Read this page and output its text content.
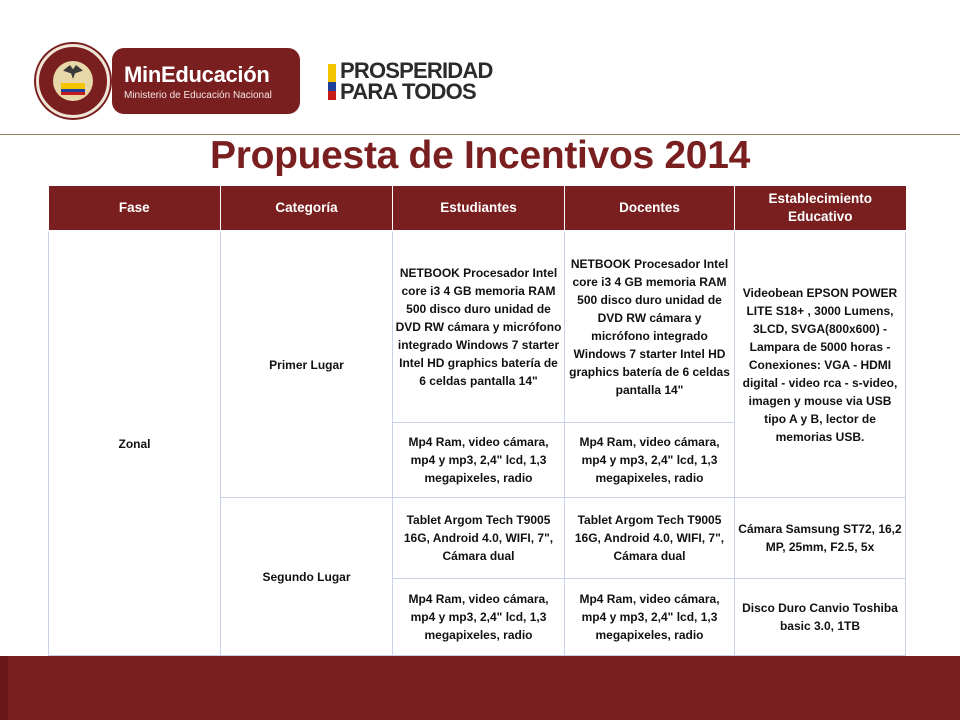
MinEducación
Ministerio de Educación Nacional
PROSPERIDAD
PARA TODOS
Propuesta de Incentivos 2014
Fase	Categoría	Estudiantes	Docentes	Establecimiento Educativo
Zonal	Primer Lugar	NETBOOK Procesador Intel core i3 4 GB memoria RAM 500 disco duro unidad de DVD RW cámara y micrófono integrado Windows 7 starter Intel HD graphics batería de 6 celdas pantalla 14"	NETBOOK Procesador Intel core i3 4 GB memoria RAM 500 disco duro unidad de DVD RW cámara y micrófono integrado Windows 7 starter Intel HD graphics batería de 6 celdas pantalla 14"	Videobean EPSON POWER LITE S18+ , 3000 Lumens, 3LCD, SVGA(800x600) -Lampara de 5000 horas - Conexiones: VGA - HDMI digital - video rca - s-video, imagen y mouse via USB tipo A y B, lector de memorias USB.
		Mp4 Ram, video cámara, mp4 y mp3, 2,4" lcd, 1,3 megapixeles, radio	Mp4 Ram, video cámara, mp4 y mp3, 2,4" lcd, 1,3 megapixeles, radio	
	Segundo Lugar	Tablet Argom Tech T9005 16G, Android 4.0, WIFI, 7", Cámara dual	Tablet Argom Tech T9005 16G, Android 4.0, WIFI, 7", Cámara dual	Cámara Samsung ST72, 16,2 MP, 25mm, F2.5, 5x
		Mp4 Ram, video cámara, mp4 y mp3, 2,4" lcd, 1,3 megapixeles, radio	Mp4 Ram, video cámara, mp4 y mp3, 2,4" lcd, 1,3 megapixeles, radio	Disco Duro Canvio Toshiba basic 3.0, 1TB
